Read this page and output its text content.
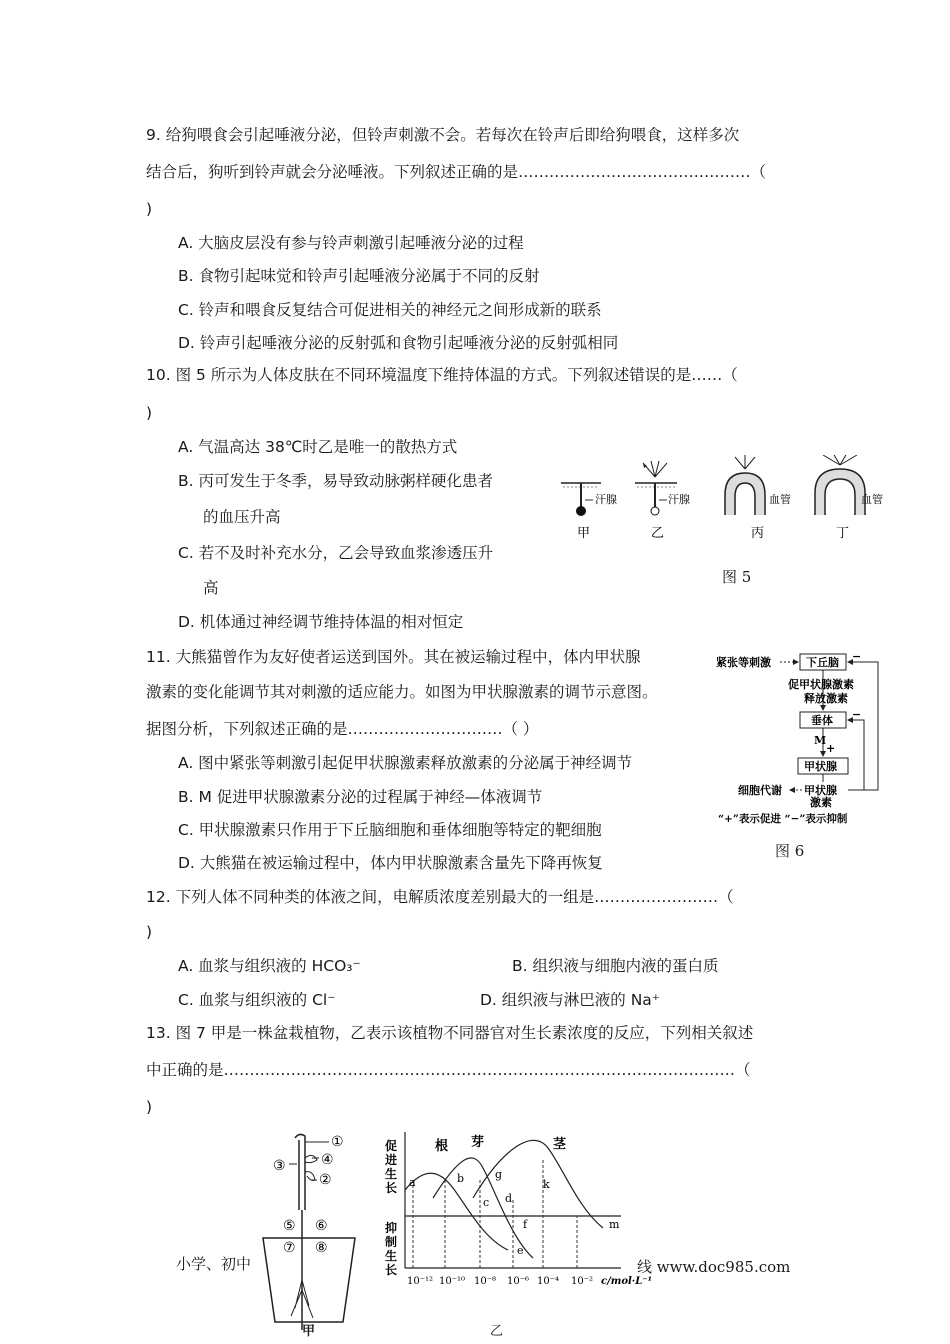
9. 给狗喂食会引起唾液分泌，但铃声刺激不会。若每次在铃声后即给狗喂食，这样多次
结合后，狗听到铃声就会分泌唾液。下列叙述正确的是………………………………………（
)
A. 大脑皮层没有参与铃声刺激引起唾液分泌的过程
B. 食物引起味觉和铃声引起唾液分泌属于不同的反射
C. 铃声和喂食反复结合可促进相关的神经元之间形成新的联系
D. 铃声引起唾液分泌的反射弧和食物引起唾液分泌的反射弧相同
10. 图 5 所示为人体皮肤在不同环境温度下维持体温的方式。下列叙述错误的是……（
)
A. 气温高达 38℃时乙是唯一的散热方式
B. 丙可发生于冬季，易导致动脉粥样硬化患者
的血压升高
C. 若不及时补充水分，乙会导致血浆渗透压升
高
D. 机体通过神经调节维持体温的相对恒定
汗腺	汗腺	血管	血管
甲	乙	丙	丁
图 5
11. 大熊猫曾作为友好使者运送到国外。其在被运输过程中，体内甲状腺
激素的变化能调节其对刺激的适应能力。如图为甲状腺激素的调节示意图。
据图分析，下列叙述正确的是…………………………（ ）
A. 图中紧张等刺激引起促甲状腺激素释放激素的分泌属于神经调节
B. M 促进甲状腺激素分泌的过程属于神经—体液调节
C. 甲状腺激素只作用于下丘脑细胞和垂体细胞等特定的靶细胞
D. 大熊猫在被运输过程中，体内甲状腺激素含量先下降再恢复
紧张等刺激	下丘脑
促甲状腺激素
释放激素
垂体
M
+
甲状腺
甲状腺
激素
细胞代谢
−
−
“+”表示促进 “−”表示抑制
图 6
12. 下列人体不同种类的体液之间，电解质浓度差别最大的一组是……………………（
)
A. 血浆与组织液的 HCO₃⁻	B. 组织液与细胞内液的蛋白质
C. 血浆与组织液的 Cl⁻	D. 组织液与淋巴液的 Na⁺
13. 图 7 甲是一株盆栽植物，乙表示该植物不同器官对生长素浓度的反应，下列相关叙述
中正确的是………………………………………………………………………………………（
)
①
②
③	④
⑤ ⑥
⑦ ⑧
甲
促
进
生
长
抑
制
生
长
根 芽	茎
a	b
c d
e
f
g
k
m
10⁻¹² 10⁻¹⁰ 10⁻⁸ 10⁻⁶ 10⁻⁴ 10⁻² c/mol·L⁻¹
乙
小学、初中	线 www.doc985.com
